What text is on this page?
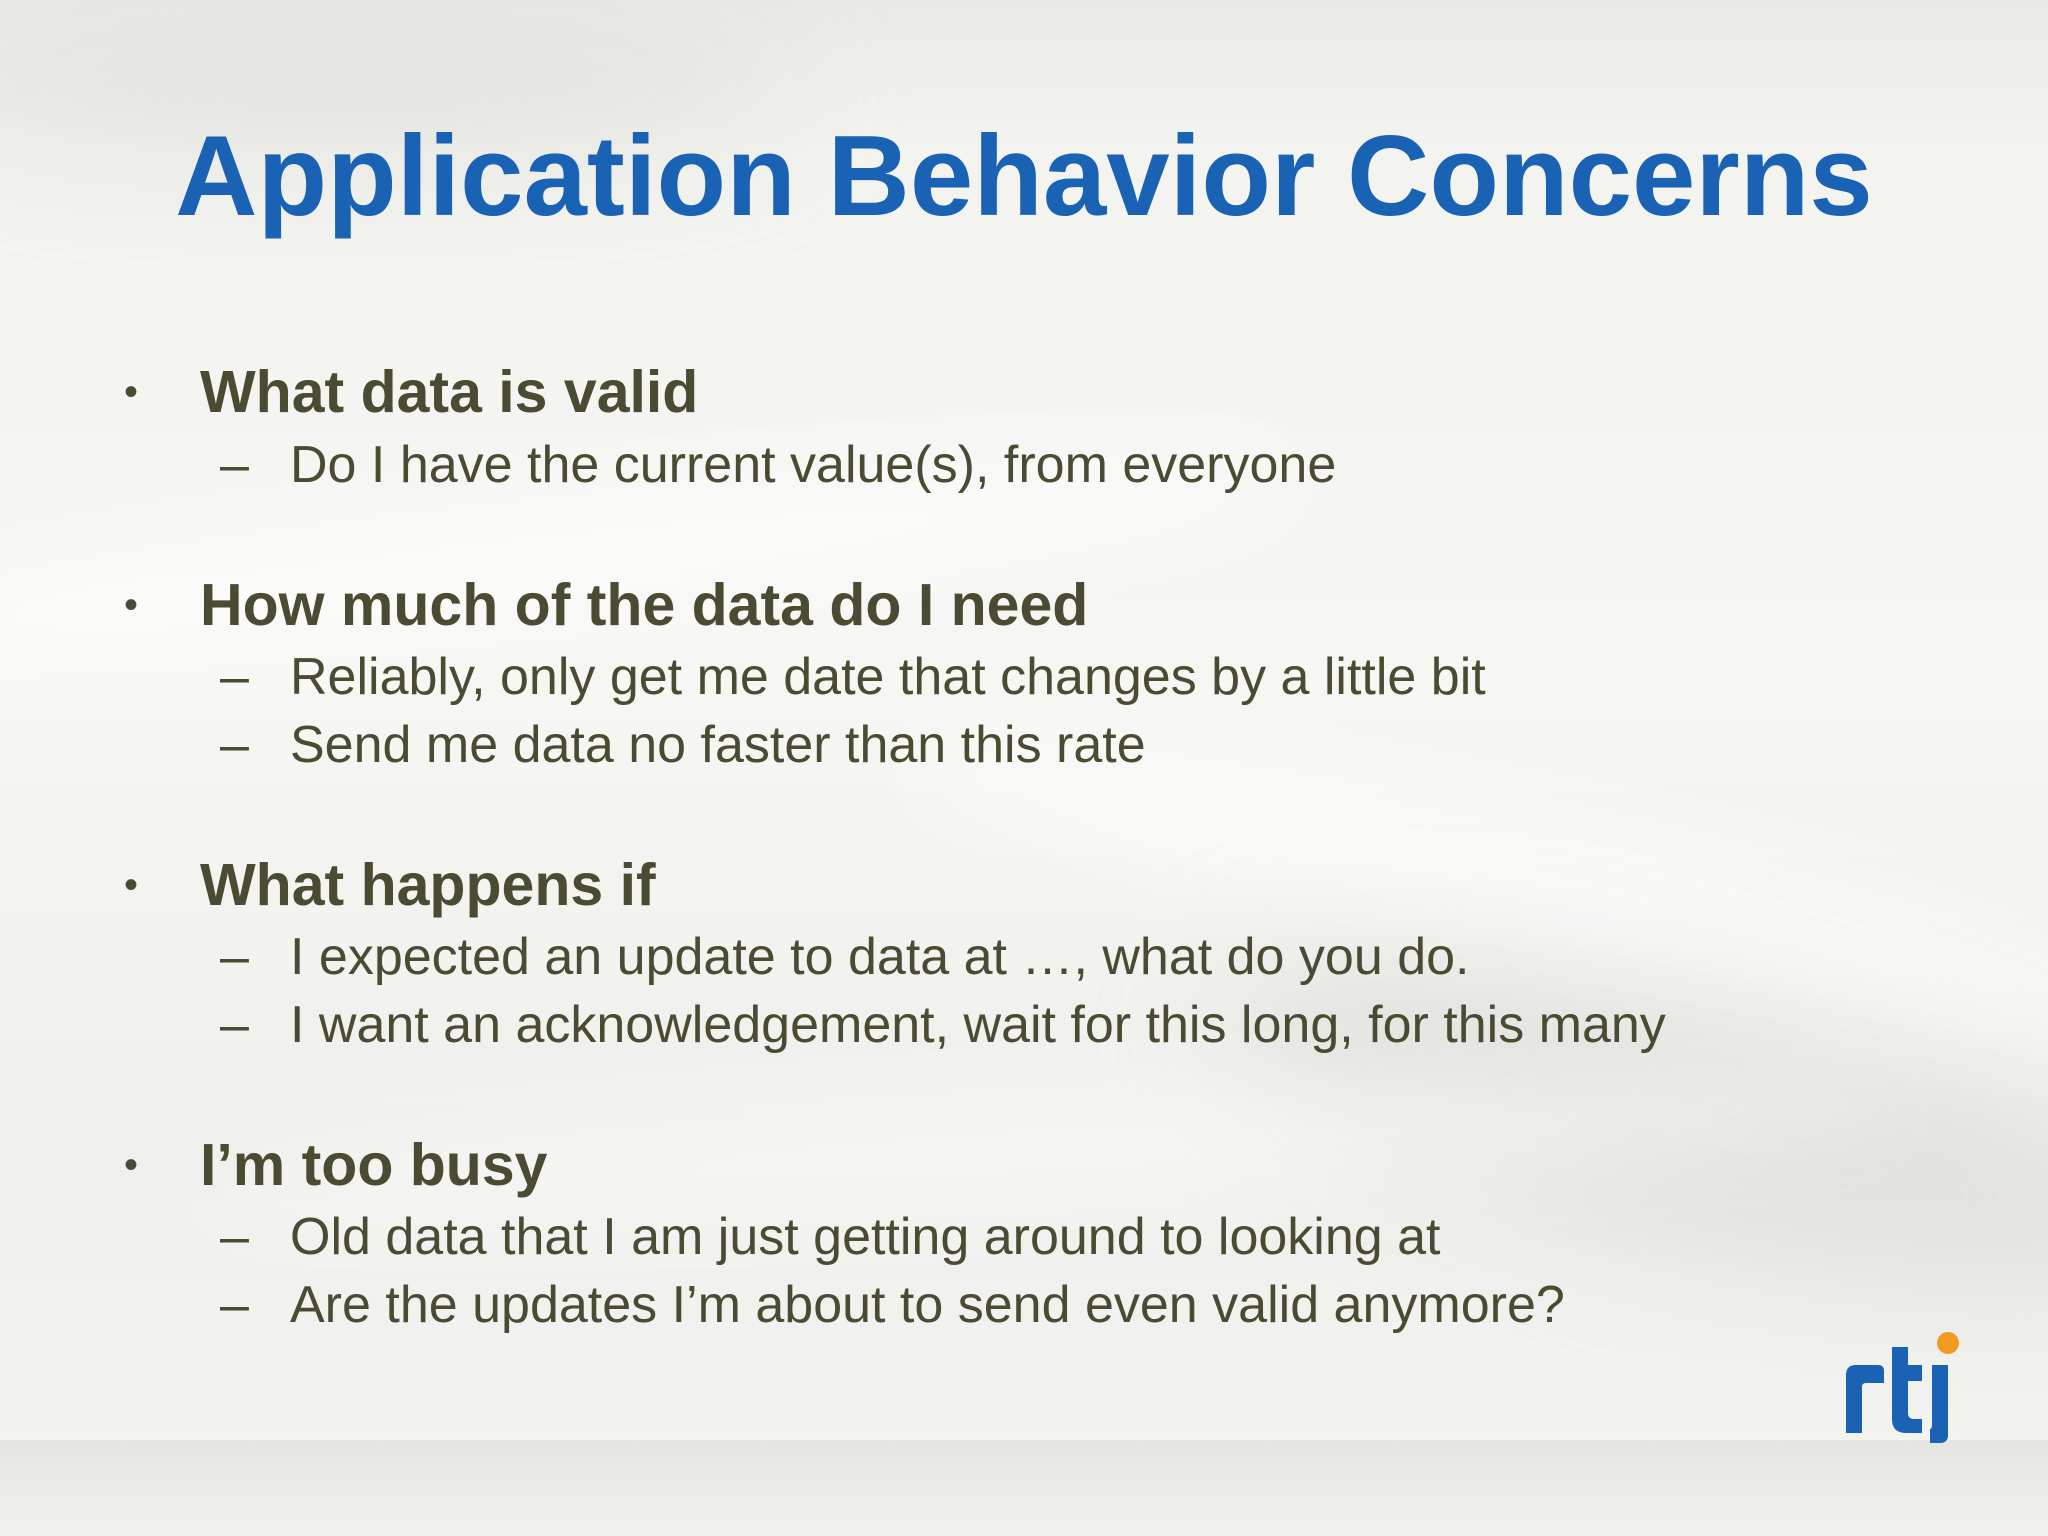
Application Behavior Concerns
• What data is valid
– Do I have the current value(s), from everyone
• How much of the data do I need
– Reliably, only get me date that changes by a little bit
– Send me data no faster than this rate
• What happens if
– I expected an update to data at …, what do you do.
– I want an acknowledgement, wait for this long, for this many
• I’m too busy
– Old data that I am just getting around to looking at
– Are the updates I’m about to send even valid anymore?
